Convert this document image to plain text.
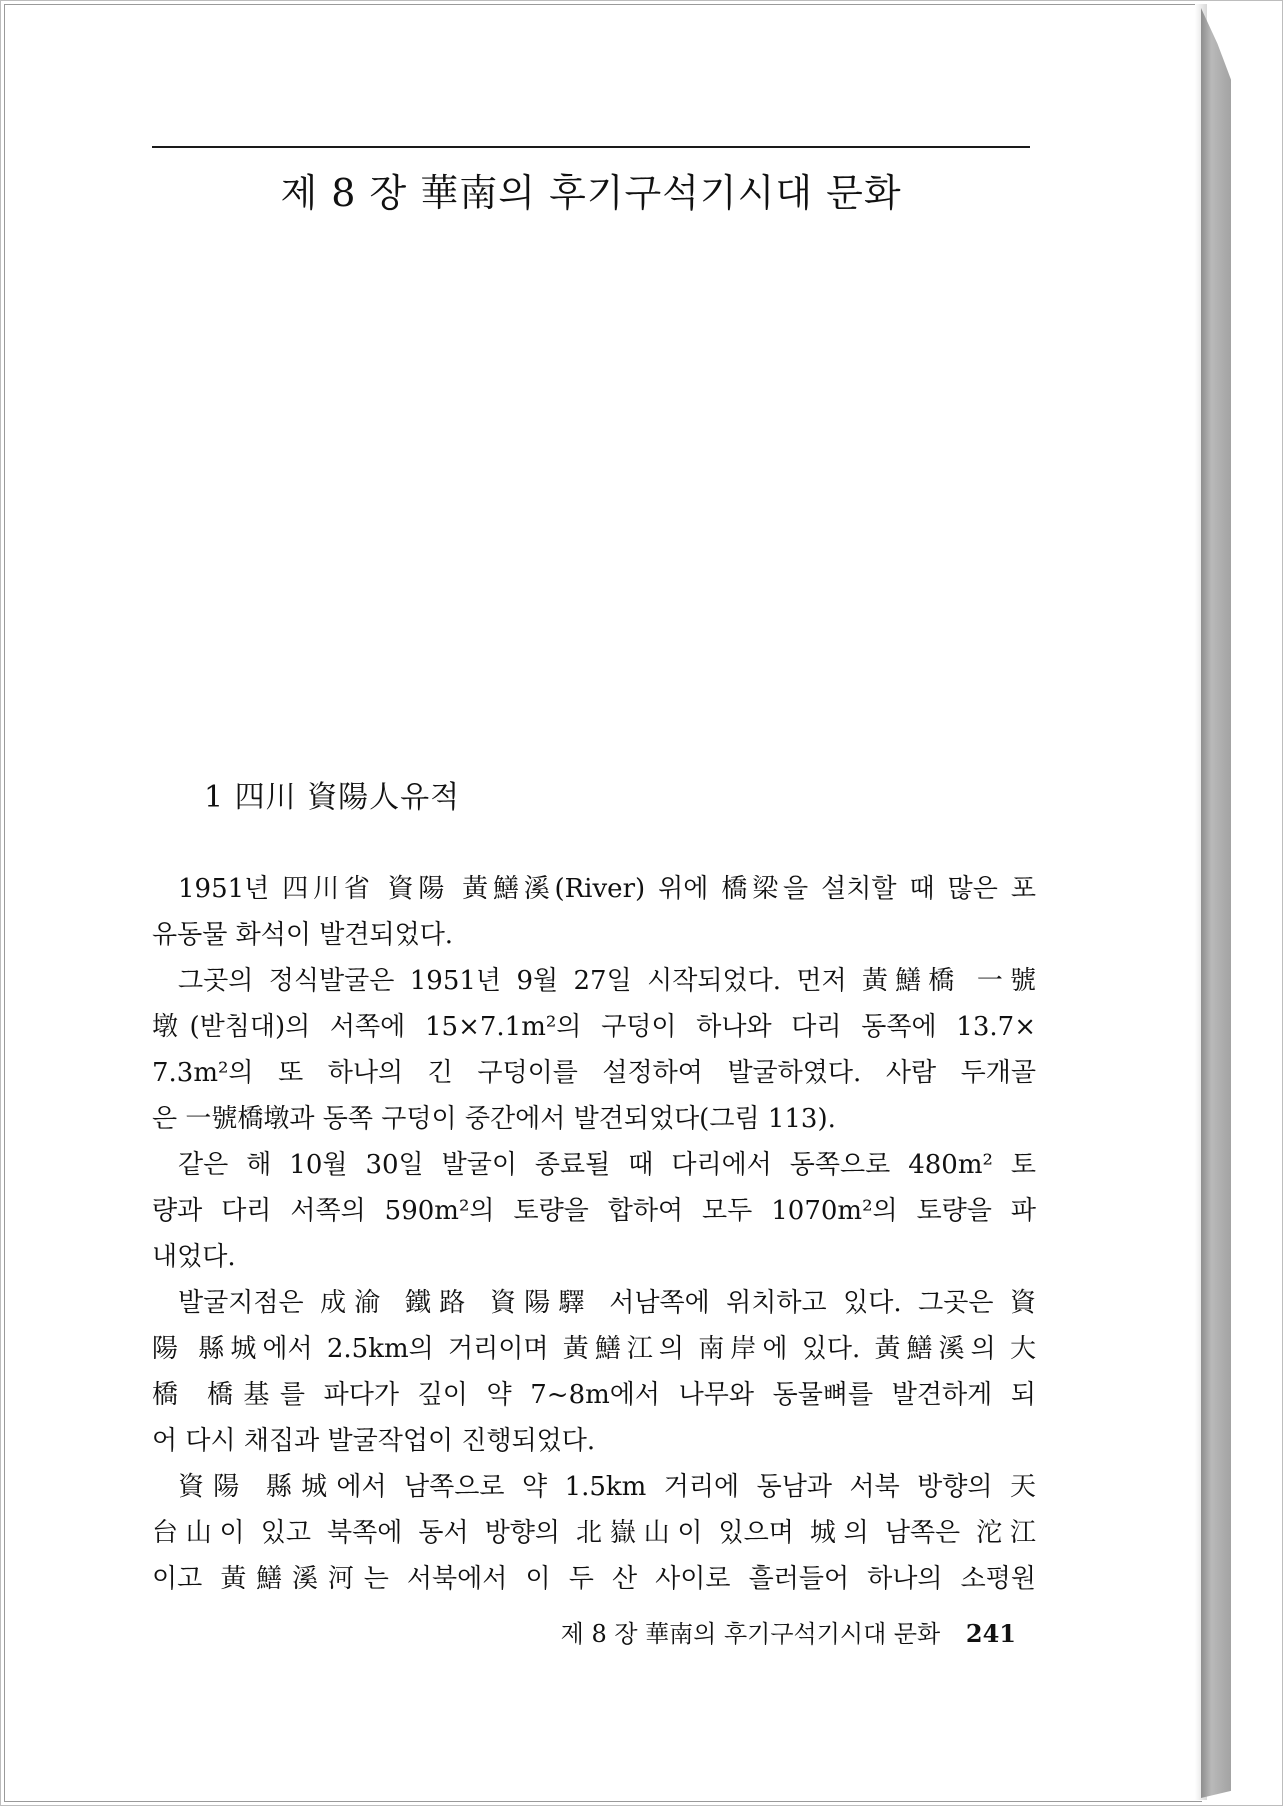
제 8 장 華南의 후기구석기시대 문화
1 四川 資陽人유적
1951년 四川省 資陽 黃鱔溪(River) 위에 橋梁을 설치할 때 많은 포
유동물 화석이 발견되었다.
그곳의 정식발굴은 1951년 9월 27일 시작되었다. 먼저 黃鱔橋 一號
墩(받침대)의 서쪽에 15×7.1m²의 구덩이 하나와 다리 동쪽에 13.7×
7.3m²의 또 하나의 긴 구덩이를 설정하여 발굴하였다. 사람 두개골
은 一號橋墩과 동쪽 구덩이 중간에서 발견되었다(그림 113).
같은 해 10월 30일 발굴이 종료될 때 다리에서 동쪽으로 480m² 토
량과 다리 서쪽의 590m²의 토량을 합하여 모두 1070m²의 토량을 파
내었다.
발굴지점은 成渝 鐵路 資陽驛 서남쪽에 위치하고 있다. 그곳은 資
陽 縣城에서 2.5km의 거리이며 黃鱔江의 南岸에 있다. 黃鱔溪의 大
橋 橋基를 파다가 깊이 약 7~8m에서 나무와 동물뼈를 발견하게 되
어 다시 채집과 발굴작업이 진행되었다.
資陽 縣城에서 남쪽으로 약 1.5km 거리에 동남과 서북 방향의 天
台山이 있고 북쪽에 동서 방향의 北嶽山이 있으며 城의 남쪽은 沱江
이고 黃鱔溪河는 서북에서 이 두 산 사이로 흘러들어 하나의 소평원
제 8 장 華南의 후기구석기시대 문화 241
